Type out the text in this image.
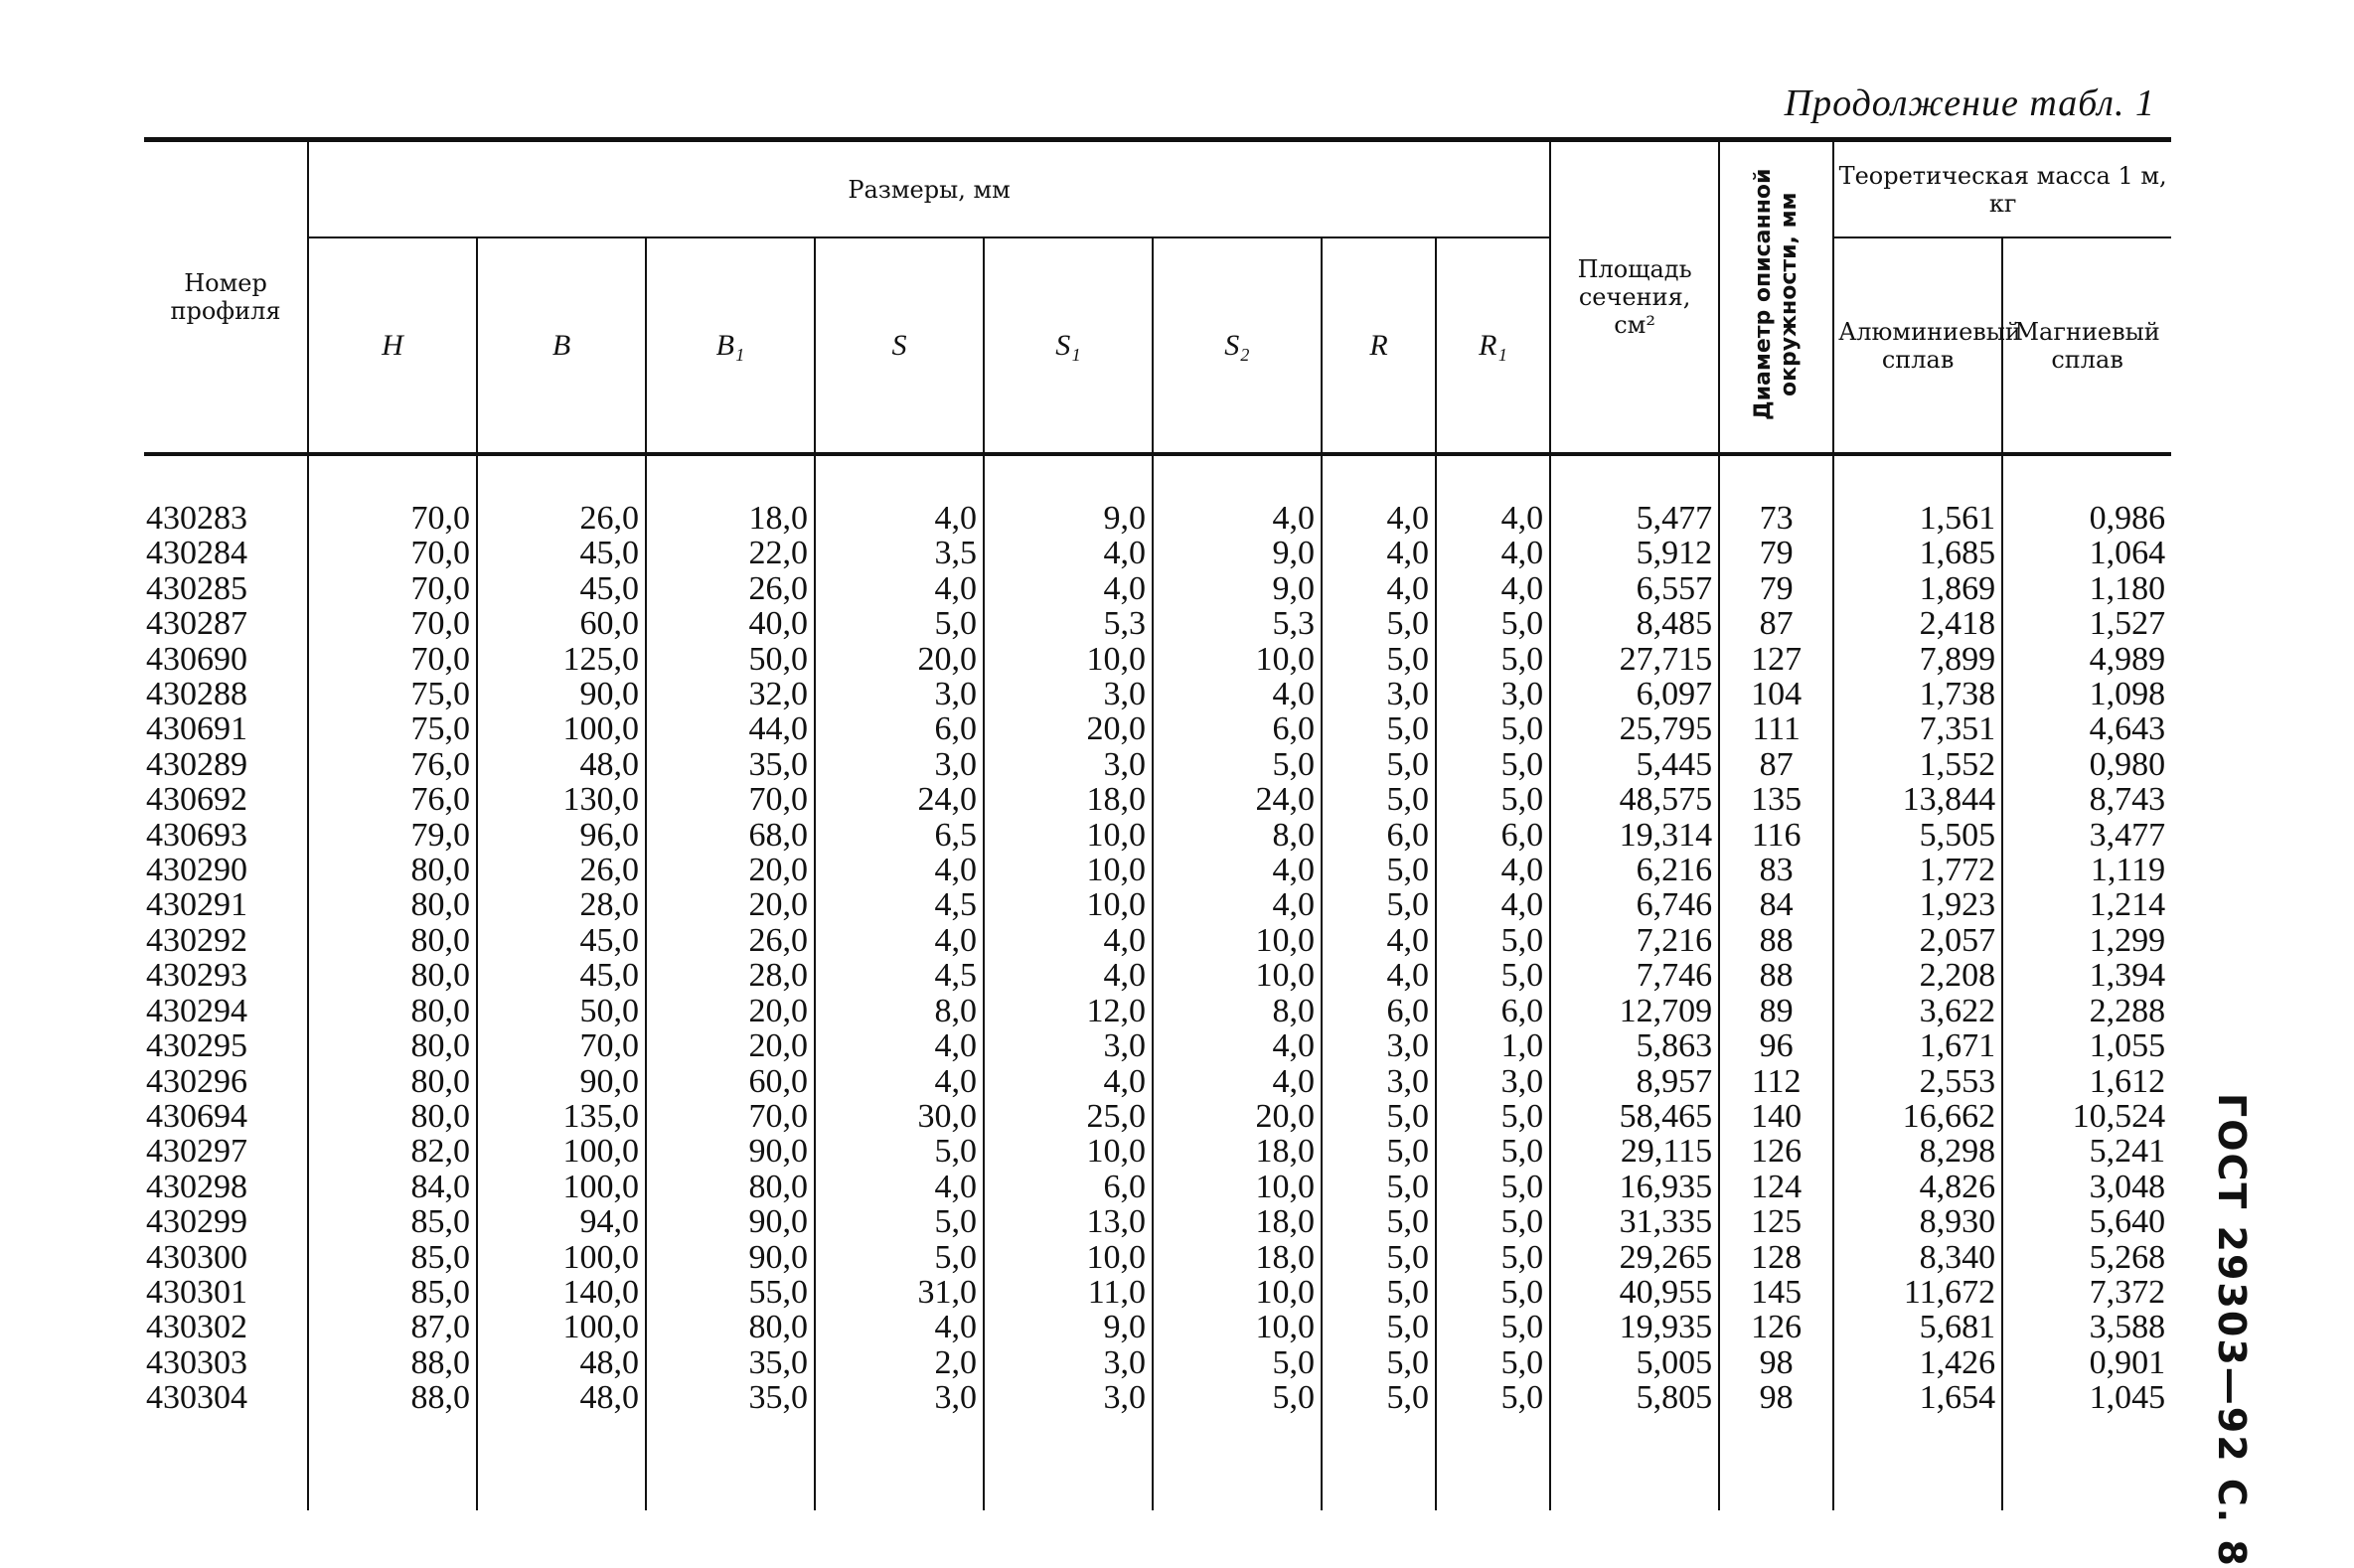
Продолжение табл. 1
Номер профиля	Размеры, мм								Площадь сечения, см²	Диаметр описанной окружности, мм	Теоретическая масса 1 м, кг	
	H	B	B₁	S	S₁	S₂	R	R₁			Алюминиевый сплав	Магниевый сплав

430283	70,0	26,0	18,0	4,0	9,0	4,0	4,0	4,0	5,477	73	1,561	0,986
430284	70,0	45,0	22,0	3,5	4,0	9,0	4,0	4,0	5,912	79	1,685	1,064
430285	70,0	45,0	26,0	4,0	4,0	9,0	4,0	4,0	6,557	79	1,869	1,180
430287	70,0	60,0	40,0	5,0	5,3	5,3	5,0	5,0	8,485	87	2,418	1,527
430690	70,0	125,0	50,0	20,0	10,0	10,0	5,0	5,0	27,715	127	7,899	4,989
430288	75,0	90,0	32,0	3,0	3,0	4,0	3,0	3,0	6,097	104	1,738	1,098
430691	75,0	100,0	44,0	6,0	20,0	6,0	5,0	5,0	25,795	111	7,351	4,643
430289	76,0	48,0	35,0	3,0	3,0	5,0	5,0	5,0	5,445	87	1,552	0,980
430692	76,0	130,0	70,0	24,0	18,0	24,0	5,0	5,0	48,575	135	13,844	8,743
430693	79,0	96,0	68,0	6,5	10,0	8,0	6,0	6,0	19,314	116	5,505	3,477
430290	80,0	26,0	20,0	4,0	10,0	4,0	5,0	4,0	6,216	83	1,772	1,119
430291	80,0	28,0	20,0	4,5	10,0	4,0	5,0	4,0	6,746	84	1,923	1,214
430292	80,0	45,0	26,0	4,0	4,0	10,0	4,0	5,0	7,216	88	2,057	1,299
430293	80,0	45,0	28,0	4,5	4,0	10,0	4,0	5,0	7,746	88	2,208	1,394
430294	80,0	50,0	20,0	8,0	12,0	8,0	6,0	6,0	12,709	89	3,622	2,288
430295	80,0	70,0	20,0	4,0	3,0	4,0	3,0	1,0	5,863	96	1,671	1,055
430296	80,0	90,0	60,0	4,0	4,0	4,0	3,0	3,0	8,957	112	2,553	1,612
430694	80,0	135,0	70,0	30,0	25,0	20,0	5,0	5,0	58,465	140	16,662	10,524
430297	82,0	100,0	90,0	5,0	10,0	18,0	5,0	5,0	29,115	126	8,298	5,241
430298	84,0	100,0	80,0	4,0	6,0	10,0	5,0	5,0	16,935	124	4,826	3,048
430299	85,0	94,0	90,0	5,0	13,0	18,0	5,0	5,0	31,335	125	8,930	5,640
430300	85,0	100,0	90,0	5,0	10,0	18,0	5,0	5,0	29,265	128	8,340	5,268
430301	85,0	140,0	55,0	31,0	11,0	10,0	5,0	5,0	40,955	145	11,672	7,372
430302	87,0	100,0	80,0	4,0	9,0	10,0	5,0	5,0	19,935	126	5,681	3,588
430303	88,0	48,0	35,0	2,0	3,0	5,0	5,0	5,0	5,005	98	1,426	0,901
430304	88,0	48,0	35,0	3,0	3,0	5,0	5,0	5,0	5,805	98	1,654	1,045
												ГОСТ 29303—92 С. 8
